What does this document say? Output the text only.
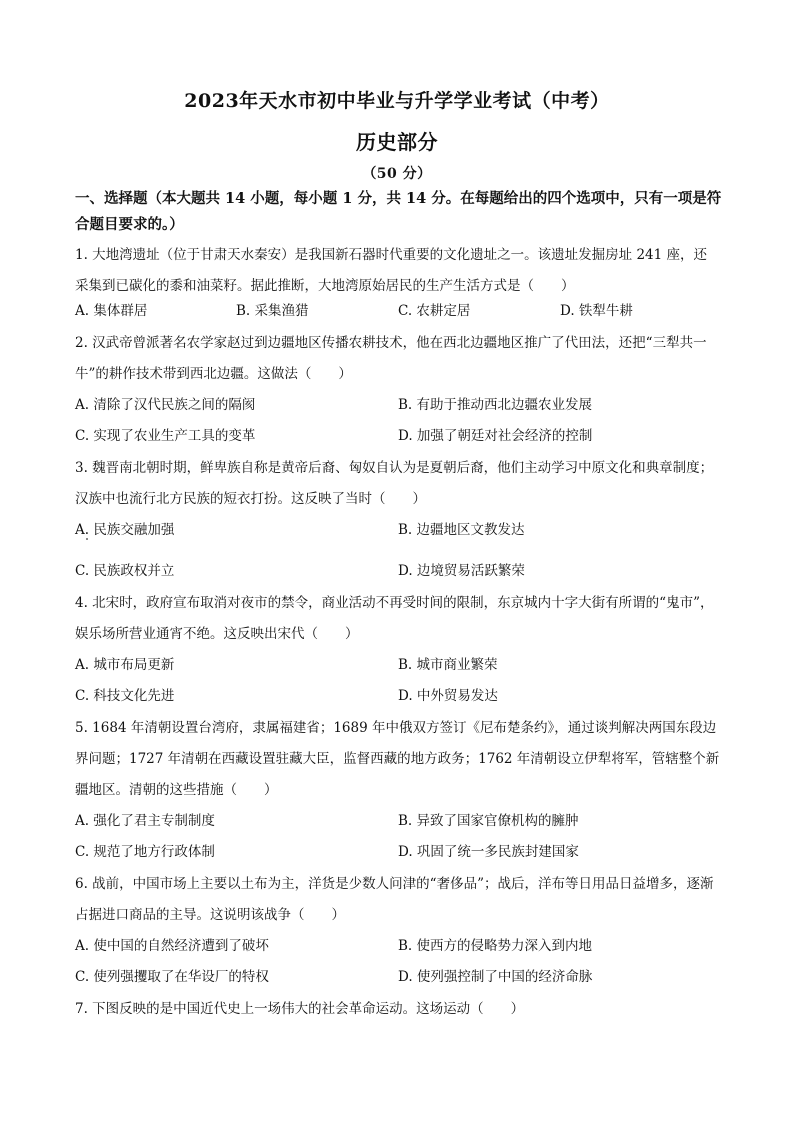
2023年天水市初中毕业与升学学业考试（中考）
历史部分
（50 分）
一、选择题（本大题共 14 小题，每小题 1 分，共 14 分。在每题给出的四个选项中，只有一项是符合题目要求的。）
1. 大地湾遗址（位于甘肃天水秦安）是我国新石器时代重要的文化遗址之一。该遗址发掘房址 241 座，还采集到已碳化的黍和油菜籽。据此推断，大地湾原始居民的生产生活方式是（　　）
A. 集体群居	B. 采集渔猎	C. 农耕定居	D. 铁犁牛耕
2. 汉武帝曾派著名农学家赵过到边疆地区传播农耕技术，他在西北边疆地区推广了代田法，还把“三犁共一牛”的耕作技术带到西北边疆。这做法（　　）
A. 清除了汉代民族之间的隔阂	B. 有助于推动西北边疆农业发展
C. 实现了农业生产工具的变革	D. 加强了朝廷对社会经济的控制
3. 魏晋南北朝时期，鲜卑族自称是黄帝后裔、匈奴自认为是夏朝后裔，他们主动学习中原文化和典章制度；汉族中也流行北方民族的短衣打扮。这反映了当时（　　）
A. 民族交融加强	B. 边疆地区文教发达
C. 民族政权并立	D. 边境贸易活跃繁荣
4. 北宋时，政府宣布取消对夜市的禁令，商业活动不再受时间的限制，东京城内十字大街有所谓的“鬼市”，娱乐场所营业通宵不绝。这反映出宋代（　　）
A. 城市布局更新	B. 城市商业繁荣
C. 科技文化先进	D. 中外贸易发达
5. 1684 年清朝设置台湾府，隶属福建省；1689 年中俄双方签订《尼布楚条约》，通过谈判解决两国东段边界问题；1727 年清朝在西藏设置驻藏大臣，监督西藏的地方政务；1762 年清朝设立伊犁将军，管辖整个新疆地区。清朝的这些措施（　　）
A. 强化了君主专制制度	B. 异致了国家官僚机构的臃肿
C. 规范了地方行政体制	D. 巩固了统一多民族封建国家
6. 战前，中国市场上主要以土布为主，洋货是少数人问津的“奢侈品”；战后，洋布等日用品日益增多，逐渐占据进口商品的主导。这说明该战争（　　）
A. 使中国的自然经济遭到了破坏	B. 使西方的侵略势力深入到内地
C. 使列强攫取了在华设厂的特权	D. 使列强控制了中国的经济命脉
7. 下图反映的是中国近代史上一场伟大的社会革命运动。这场运动（　　）
